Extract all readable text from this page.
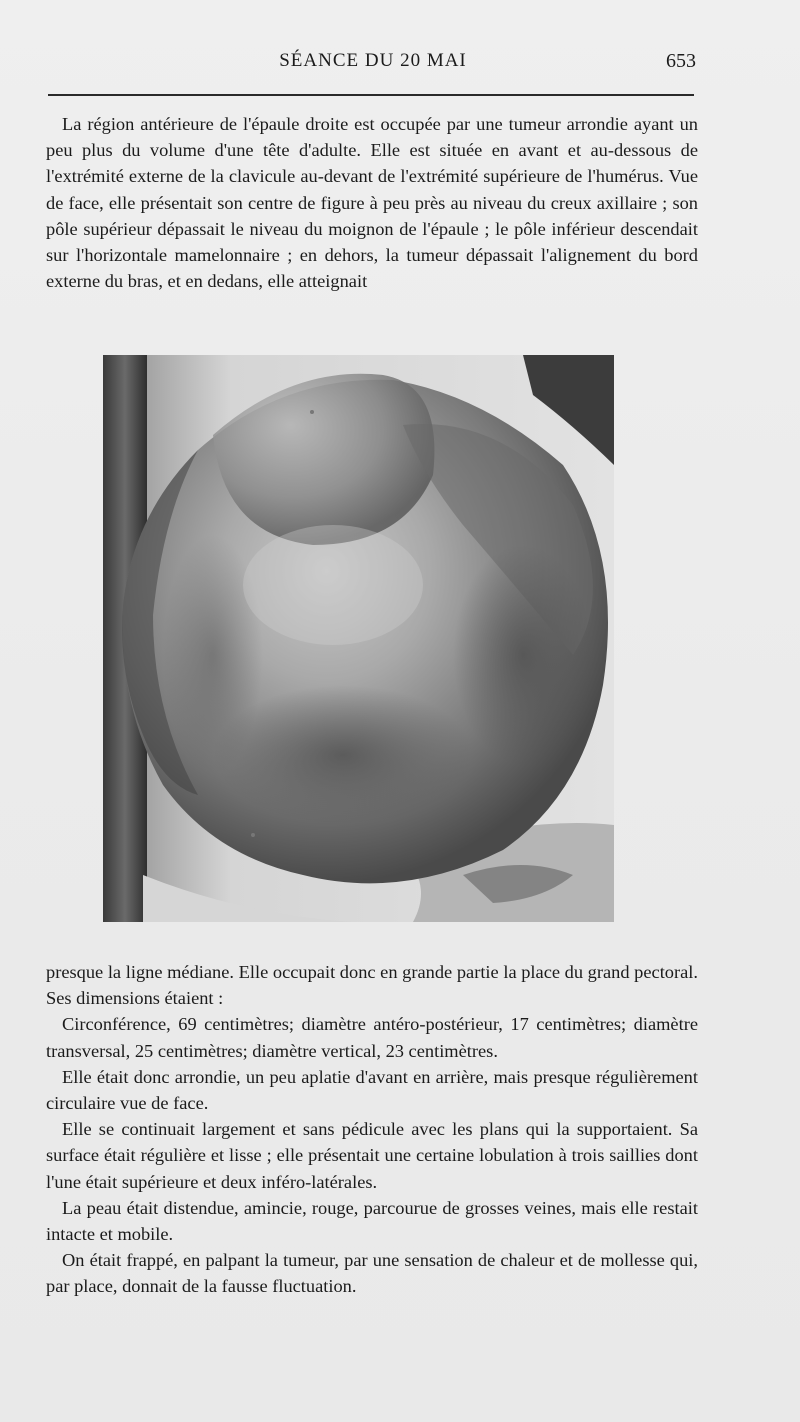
SÉANCE DU 20 MAI	653

La région antérieure de l'épaule droite est occupée par une tumeur arrondie ayant un peu plus du volume d'une tête d'adulte. Elle est située en avant et au-dessous de l'extrémité externe de la clavicule au-devant de l'extrémité supérieure de l'humérus. Vue de face, elle présentait son centre de figure à peu près au niveau du creux axillaire ; son pôle supérieur dépassait le niveau du moignon de l'épaule ; le pôle inférieur descendait sur l'horizontale mamelonnaire ; en dehors, la tumeur dépassait l'alignement du bord externe du bras, et en dedans, elle atteignait

presque la ligne médiane. Elle occupait donc en grande partie la place du grand pectoral. Ses dimensions étaient :

Circonférence, 69 centimètres; diamètre antéro-postérieur, 17 centimètres; diamètre transversal, 25 centimètres; diamètre vertical, 23 centimètres.

Elle était donc arrondie, un peu aplatie d'avant en arrière, mais presque régulièrement circulaire vue de face.

Elle se continuait largement et sans pédicule avec les plans qui la supportaient. Sa surface était régulière et lisse ; elle présentait une certaine lobulation à trois saillies dont l'une était supérieure et deux inféro-latérales.

La peau était distendue, amincie, rouge, parcourue de grosses veines, mais elle restait intacte et mobile.

On était frappé, en palpant la tumeur, par une sensation de chaleur et de mollesse qui, par place, donnait de la fausse fluctuation.
